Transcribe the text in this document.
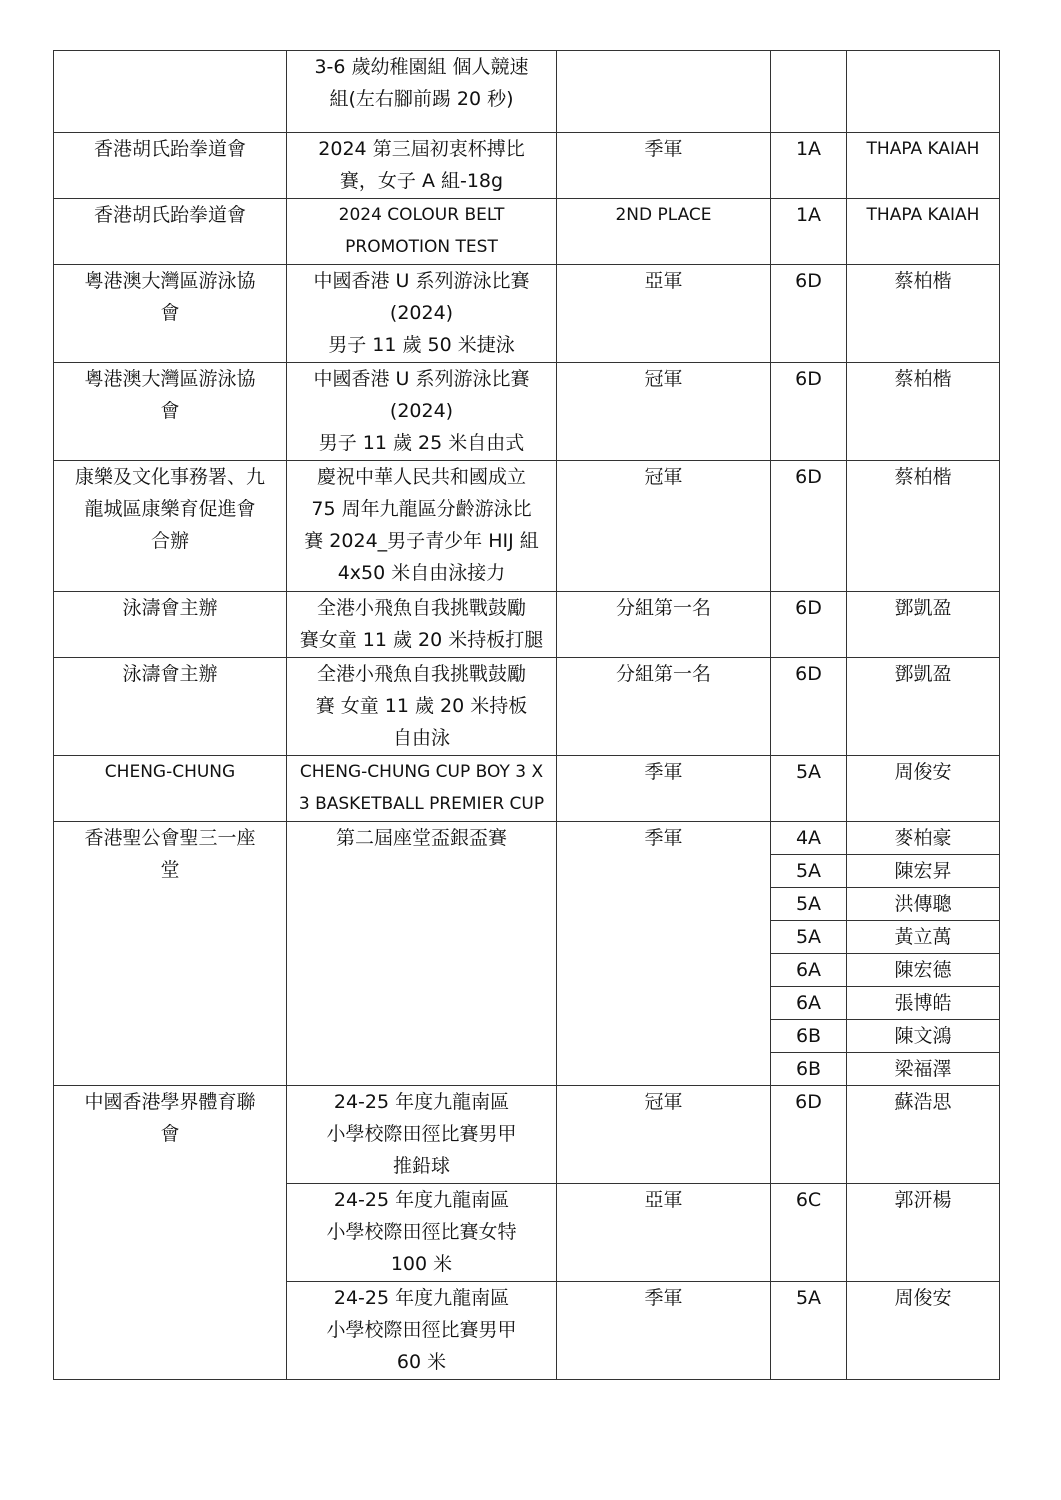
	3-6 歲幼稚園組 個人競速
組(左右腳前踢 20 秒)			

香港胡氏跆拳道會	2024 第三屆初衷杯搏比
賽，女子 A 組-18g	季軍	1A	THAPA KAIAH

香港胡氏跆拳道會	2024 COLOUR BELT
PROMOTION TEST	2ND PLACE	1A	THAPA KAIAH

粵港澳大灣區游泳協
會	中國香港 U 系列游泳比賽
(2024)
男子 11 歲 50 米捷泳	亞軍	6D	蔡柏楷

粵港澳大灣區游泳協
會	中國香港 U 系列游泳比賽
(2024)
男子 11 歲 25 米自由式	冠軍	6D	蔡柏楷

康樂及文化事務署、九
龍城區康樂育促進會
合辦	慶祝中華人民共和國成立
75 周年九龍區分齡游泳比
賽 2024_男子青少年 HIJ 組
4x50 米自由泳接力	冠軍	6D	蔡柏楷

泳濤會主辦	全港小飛魚自我挑戰鼓勵
賽女童 11 歲 20 米持板打腿	分組第一名	6D	鄧凱盈

泳濤會主辦	全港小飛魚自我挑戰鼓勵
賽 女童 11 歲 20 米持板
自由泳	分組第一名	6D	鄧凱盈

CHENG-CHUNG	CHENG-CHUNG CUP BOY 3 X
3 BASKETBALL PREMIER CUP	季軍	5A	周俊安

香港聖公會聖三一座
堂	第二屆座堂盃銀盃賽	季軍	4A	麥柏豪
			5A	陳宏昇
			5A	洪傳聰
			5A	黃立萬
			6A	陳宏德
			6A	張博皓
			6B	陳文鴻
			6B	梁福澤

中國香港學界體育聯
會	24-25 年度九龍南區
小學校際田徑比賽男甲
推鉛球	冠軍	6D	蘇浩思

	24-25 年度九龍南區
小學校際田徑比賽女特
100 米	亞軍	6C	郭汧楊

	24-25 年度九龍南區
小學校際田徑比賽男甲
60 米	季軍	5A	周俊安
